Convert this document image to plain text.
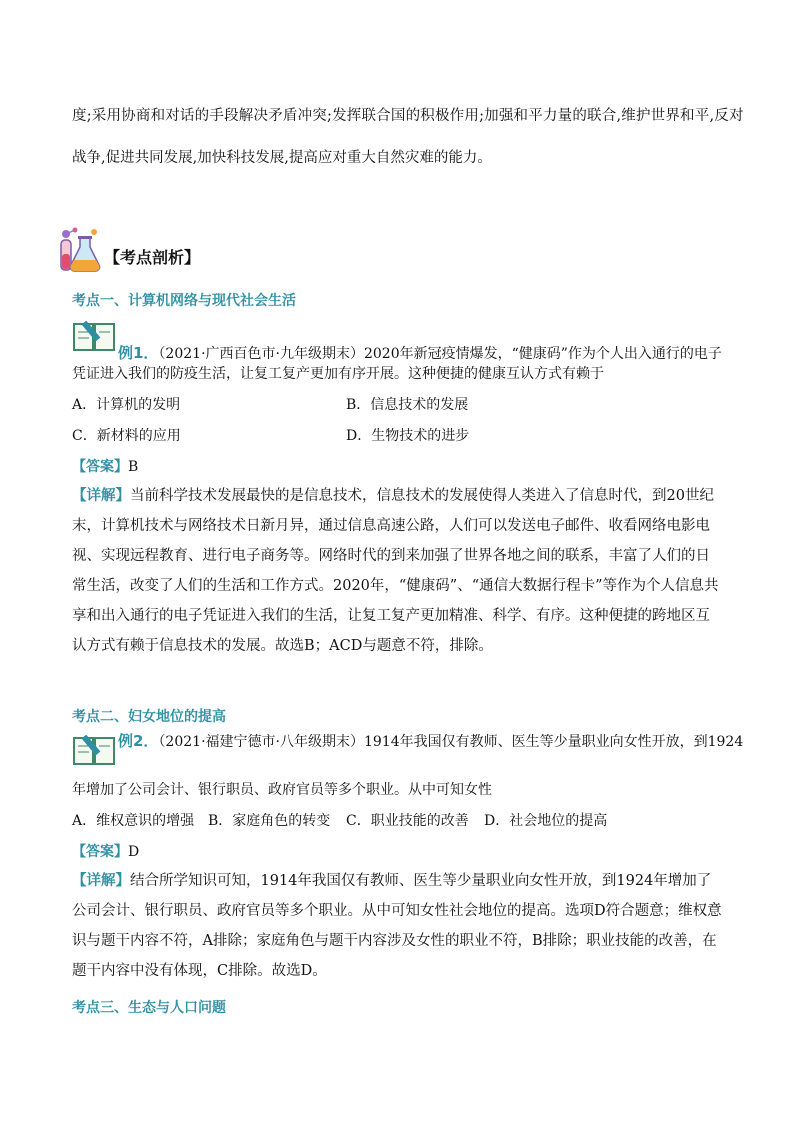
度;采用协商和对话的手段解决矛盾冲突;发挥联合国的积极作用;加强和平力量的联合,维护世界和平,反对
战争,促进共同发展,加快科技发展,提高应对重大自然灾难的能力。
【考点剖析】
考点一、计算机网络与现代社会生活
例1．（2021·广西百色市·九年级期末）2020年新冠疫情爆发，“健康码”作为个人出入通行的电子
凭证进入我们的防疫生活，让复工复产更加有序开展。这种便捷的健康互认方式有赖于
A．计算机的发明	B．信息技术的发展
C．新材料的应用	D．生物技术的进步
【答案】B
【详解】当前科学技术发展最快的是信息技术，信息技术的发展使得人类进入了信息时代，到20世纪末，计算机技术与网络技术日新月异，通过信息高速公路，人们可以发送电子邮件、收看网络电影电视、实现远程教育、进行电子商务等。网络时代的到来加强了世界各地之间的联系，丰富了人们的日常生活，改变了人们的生活和工作方式。2020年，“健康码”、“通信大数据行程卡”等作为个人信息共享和出入通行的电子凭证进入我们的生活，让复工复产更加精准、科学、有序。这种便捷的跨地区互认方式有赖于信息技术的发展。故选B；ACD与题意不符，排除。
考点二、妇女地位的提高
例2．（2021·福建宁德市·八年级期末）1914年我国仅有教师、医生等少量职业向女性开放，到1924
年增加了公司会计、银行职员、政府官员等多个职业。从中可知女性
A．维权意识的增强 B．家庭角色的转变 C．职业技能的改善 D．社会地位的提高
【答案】D
【详解】结合所学知识可知，1914年我国仅有教师、医生等少量职业向女性开放，到1924年增加了公司会计、银行职员、政府官员等多个职业。从中可知女性社会地位的提高。选项D符合题意；维权意识与题干内容不符，A排除；家庭角色与题干内容涉及女性的职业不符，B排除；职业技能的改善，在题干内容中没有体现，C排除。故选D。
考点三、生态与人口问题
